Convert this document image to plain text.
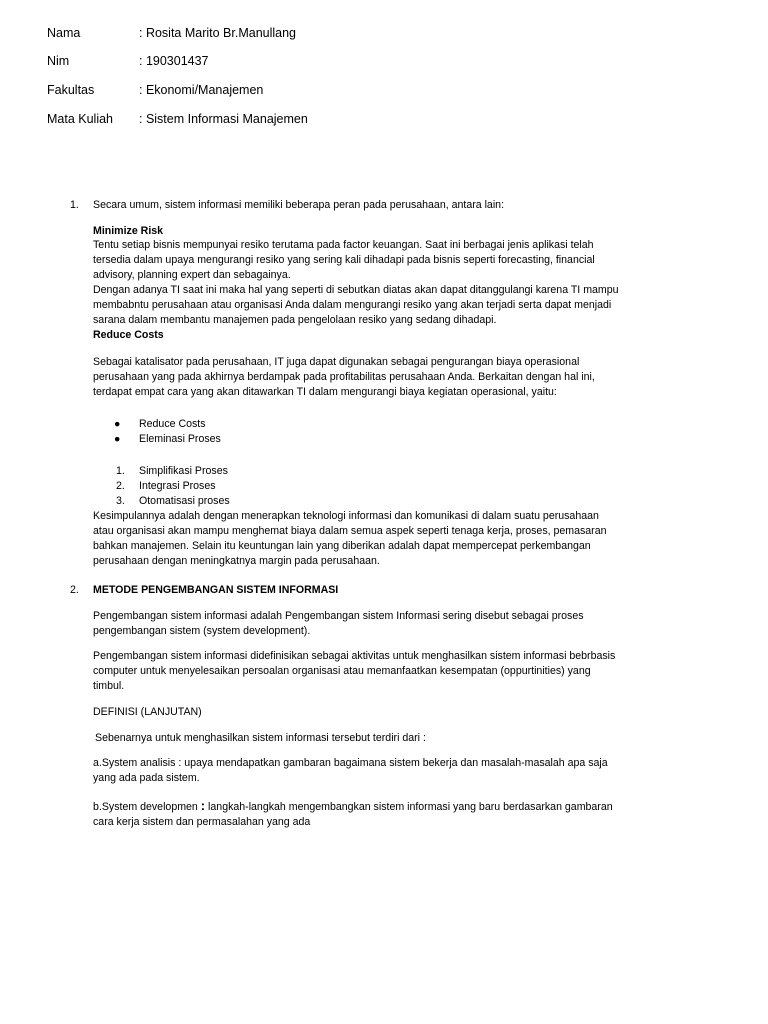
Nama	: Rosita Marito Br.Manullang
Nim	: 190301437
Fakultas	: Ekonomi/Manajemen
Mata Kuliah : Sistem Informasi Manajemen
1. Secara umum, sistem informasi memiliki beberapa peran pada perusahaan, antara lain:
Minimize Risk
Tentu setiap bisnis mempunyai resiko terutama pada factor keuangan. Saat ini berbagai jenis aplikasi telah
tersedia dalam upaya mengurangi resiko yang sering kali dihadapi pada bisnis seperti forecasting, financial
advisory, planning expert dan sebagainya.
Dengan adanya TI saat ini maka hal yang seperti di sebutkan diatas akan dapat ditanggulangi karena TI mampu
membabntu perusahaan atau organisasi Anda dalam mengurangi resiko yang akan terjadi serta dapat menjadi
sarana dalam membantu manajemen pada pengelolaan resiko yang sedang dihadapi.
Reduce Costs
Sebagai katalisator pada perusahaan, IT juga dapat digunakan sebagai pengurangan biaya operasional
perusahaan yang pada akhirnya berdampak pada profitabilitas perusahaan Anda. Berkaitan dengan hal ini,
terdapat empat cara yang akan ditawarkan TI dalam mengurangi biaya kegiatan operasional, yaitu:
● Reduce Costs
● Eleminasi Proses
1. Simplifikasi Proses
2. Integrasi Proses
3. Otomatisasi proses
Kesimpulannya adalah dengan menerapkan teknologi informasi dan komunikasi di dalam suatu perusahaan
atau organisasi akan mampu menghemat biaya dalam semua aspek seperti tenaga kerja, proses, pemasaran
bahkan manajemen. Selain itu keuntungan lain yang diberikan adalah dapat mempercepat perkembangan
perusahaan dengan meningkatnya margin pada perusahaan.
2. METODE PENGEMBANGAN SISTEM INFORMASI
Pengembangan sistem informasi adalah Pengembangan sistem Informasi sering disebut sebagai proses
pengembangan sistem (system development).
Pengembangan sistem informasi didefinisikan sebagai aktivitas untuk menghasilkan sistem informasi bebrbasis
computer untuk menyelesaikan persoalan organisasi atau memanfaatkan kesempatan (oppurtinities) yang
timbul.
DEFINISI (LANJUTAN)
Sebenarnya untuk menghasilkan sistem informasi tersebut terdiri dari :
a.System analisis : upaya mendapatkan gambaran bagaimana sistem bekerja dan masalah-masalah apa saja
yang ada pada sistem.
b.System developmen : langkah-langkah mengembangkan sistem informasi yang baru berdasarkan gambaran
cara kerja sistem dan permasalahan yang ada
